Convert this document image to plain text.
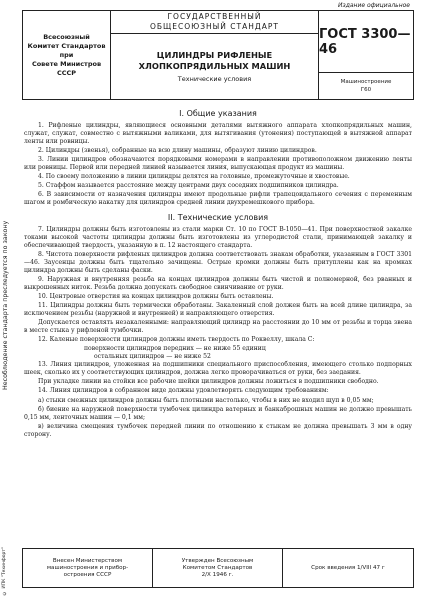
Издание официальное
Несоблюдение стандарта преследуется по закону
© ИПК "Техинфорт"
Всесоюзный
Комитет Стандартов
при
Совете Министров
СССР
ГОСУДАРСТВЕННЫЙ
ОБЩЕСОЮЗНЫЙ СТАНДАРТ
ЦИЛИНДРЫ РИФЛЕНЫЕ
ХЛОПКОПРЯДИЛЬНЫХ МАШИН
Технические условия
ГОСТ 3300—46
Машиностроение
Г60
I. Общие указания

1. Рифленые цилиндры, являющиеся основными деталями вытяжного аппарата хлопкопрядильных машин, служат, служат, совместно с вытяжными валиками, для вытягивания (утонения) поступающей в вытяжной аппарат ленты или ровницы.

2. Цилиндры (звенья), собранные на всю длину машины, образуют линию цилиндров.

3. Линии цилиндров обозначаются порядковыми номерами в направлении противоположном движению ленты или ровницы. Первой или передней линией называется линия, выпускающая продукт из машины.

4. По своему положению в линии цилиндры делятся на головные, промежуточные и хвостовые.

5. Стаффом называется расстояние между центрами двух соседних подшипников цилиндра.

6. В зависимости от назначения цилиндры имеют продольные рифли трапецоидального сечения с переменным шагом и ромбическую накатку для цилиндров средней линии двухремешкового прибора.

II. Технические условия

7. Цилиндры должны быть изготовлены из стали марки Ст. 10 по ГОСТ В-1050—41. При поверхностной закалке токами высокой частоты цилиндры должны быть изготовлены из углеродистой стали, принимающей закалку и обеспечивающей твердость, указанную в п. 12 настоящего стандарта.

8. Чистота поверхности рифленых цилиндров должна соответствовать знакам обработки, указанным в ГОСТ 3301—46. Заусенцы должны быть тщательно зачищены. Острые кромки должны быть притуплены как на кромках цилиндра должны быть сделаны фаски.

9. Наружная и внутренняя резьба на концах цилиндров должны быть чистой и полномерной, без рванных и выкрошенных ниток. Резьба должна допускать свободное свинчивание от руки.

10. Центровые отверстия на концах цилиндров должны быть оставлены.

11. Цилиндры должны быть термически обработаны. Закаленный слой должен быть на всей длине цилиндра, за исключением резьбы (наружной и внутренней) и направляющего отверстия.

Допускается оставлять незакаленными: направляющий цилиндр на расстоянии до 10 мм от резьбы и торца звена в месте стыка у рифленой тумбочки.

12. Каленые поверхности цилиндров должны иметь твердость по Роквеллу, шкала С:

поверхности цилиндров передних — не ниже 55 единиц

остальных цилиндров — не ниже 52

13. Линия цилиндров, уложенная на подшипники специального приспособления, имеющего столько подпорных шеек, сколько их у соответствующих цилиндров, должна легко проворачиваться от руки, без заедания.

При укладке линии на стойки все рабочие шейки цилиндров должны ложиться в подшипники свободно.

14. Линия цилиндров в собранном виде должны удовлетворять следующим требованиям:

а) стыки смежных цилиндров должны быть плотными настолько, чтобы в них не входил щуп в 0,05 мм;

б) биение на наружной поверхности тумбочек цилиндра ватерных и банкаброшных машин не должно превышать 0,15 мм, ленточных машин — 0,1 мм;

в) величина смещения тумбочек передней линии по отношению к стыкам не должна превышать 3 мм в одну сторону.

Внесен Министерством
машиностроения и прибор-
остроения СССР
Утвержден Всесоюзным
Комитетом Стандартов
2/X 1946 г.
Срок введения 1/VIII 47 г
